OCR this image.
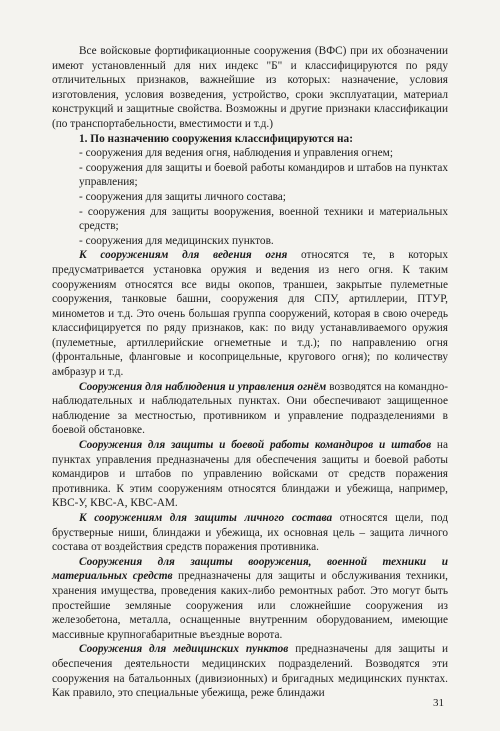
Все войсковые фортификационные сооружения (ВФС) при их обозначении имеют установленный для них индекс "Б" и классифицируются по ряду отличительных признаков, важнейшие из которых: назначение, условия изготовления, условия возведения, устройство, сроки эксплуатации, материал конструкций и защитные свойства. Возможны и другие признаки классификации (по транспортабельности, вместимости и т.д.)

1. По назначению сооружения классифицируются на:

- сооружения для ведения огня, наблюдения и управления огнем;

- сооружения для защиты и боевой работы командиров и штабов на пунктах управления;

- сооружения для защиты личного состава;

- сооружения для защиты вооружения, военной техники и материальных средств;

- сооружения для медицинских пунктов.

К сооружениям для ведения огня относятся те, в которых предусматривается установка оружия и ведения из него огня. К таким сооружениям относятся все виды окопов, траншеи, закрытые пулеметные сооружения, танковые башни, сооружения для СПУ, артиллерии, ПТУР, минометов и т.д. Это очень большая группа сооружений, которая в свою очередь классифицируется по ряду признаков, как: по виду устанавливаемого оружия (пулеметные, артиллерийские огнеметные и т.д.); по направлению огня (фронтальные, фланговые и косоприцельные, кругового огня); по количеству амбразур и т.д.

Сооружения для наблюдения и управления огнём возводятся на командно-наблюдательных и наблюдательных пунктах. Они обеспечивают защищенное наблюдение за местностью, противником и управление подразделениями в боевой обстановке.

Сооружения для защиты и боевой работы командиров и штабов на пунктах управления предназначены для обеспечения защиты и боевой работы командиров и штабов по управлению войсками от средств поражения противника. К этим сооружениям относятся блиндажи и убежища, например, КВС-У, КВС-А, КВС-АМ.

К сооружениям для защиты личного состава относятся щели, под брустверные ниши, блиндажи и убежища, их основная цель – защита личного состава от воздействия средств поражения противника.

Сооружения для защиты вооружения, военной техники и материальных средств предназначены для защиты и обслуживания техники, хранения имущества, проведения каких-либо ремонтных работ. Это могут быть простейшие земляные сооружения или сложнейшие сооружения из железобетона, металла, оснащенные внутренним оборудованием, имеющие массивные крупногабаритные въездные ворота.

Сооружения для медицинских пунктов предназначены для защиты и обеспечения деятельности медицинских подразделений. Возводятся эти сооружения на батальонных (дивизионных) и бригадных медицинских пунктах. Как правило, это специальные убежища, реже блиндажи

31
